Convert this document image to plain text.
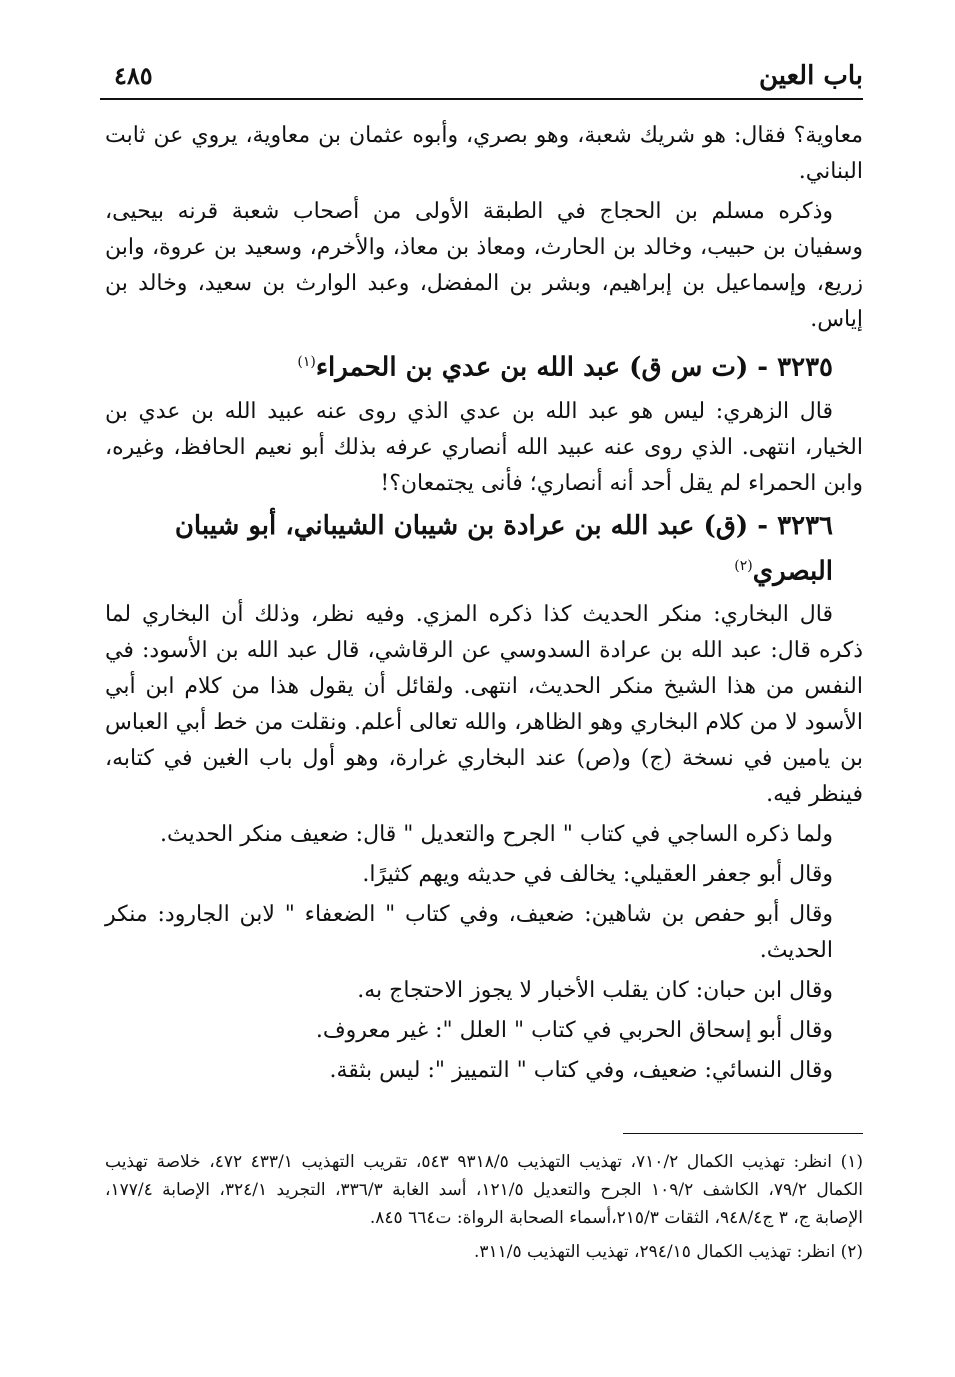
باب العين
٤٨٥

معاوية؟ فقال: هو شريك شعبة، وهو بصري، وأبوه عثمان بن معاوية، يروي عن ثابت البناني.

وذكره مسلم بن الحجاج في الطبقة الأولى من أصحاب شعبة قرنه بيحيى، وسفيان بن حبيب، وخالد بن الحارث، ومعاذ بن معاذ، والأخرم، وسعيد بن عروة، وابن زريع، وإسماعيل بن إبراهيم، وبشر بن المفضل، وعبد الوارث بن سعيد، وخالد بن إياس.

٣٢٣٥ - (ت س ق) عبد الله بن عدي بن الحمراء$^{(١)}$

قال الزهري: ليس هو عبد الله بن عدي الذي روى عنه عبيد الله بن عدي بن الخيار، انتهى. الذي روى عنه عبيد الله أنصاري عرفه بذلك أبو نعيم الحافظ، وغيره، وابن الحمراء لم يقل أحد أنه أنصاري؛ فأنى يجتمعان؟!

٣٢٣٦ - (ق) عبد الله بن عرادة بن شيبان الشيباني، أبو شيبان البصري$^{(٢)}$

قال البخاري: منكر الحديث كذا ذكره المزي. وفيه نظر، وذلك أن البخاري لما ذكره قال: عبد الله بن عرادة السدوسي عن الرقاشي، قال عبد الله بن الأسود: في النفس من هذا الشيخ منكر الحديث، انتهى. ولقائل أن يقول هذا من كلام ابن أبي الأسود لا من كلام البخاري وهو الظاهر، والله تعالى أعلم. ونقلت من خط أبي العباس بن يامين في نسخة (ج) و(ص) عند البخاري غرارة، وهو أول باب الغين في كتابه، فينظر فيه.

ولما ذكره الساجي في كتاب " الجرح والتعديل " قال: ضعيف منكر الحديث.

وقال أبو جعفر العقيلي: يخالف في حديثه ويهم كثيرًا.

وقال أبو حفص بن شاهين: ضعيف، وفي كتاب " الضعفاء " لابن الجارود: منكر الحديث.

وقال ابن حبان: كان يقلب الأخبار لا يجوز الاحتجاج به.

وقال أبو إسحاق الحربي في كتاب " العلل ": غير معروف.

وقال النسائي: ضعيف، وفي كتاب " التمييز ": ليس بثقة.

(١) انظر: تهذيب الكمال ٧١٠/٢، تهذيب التهذيب ٩٣١٨/٥ ٥٤٣، تقريب التهذيب ٤٣٣/١ ٤٧٢، خلاصة تهذيب الكمال ٧٩/٢، الكاشف ١٠٩/٢ الجرح والتعديل ١٢١/٥، أسد الغابة ٣٣٦/٣، التجريد ٣٢٤/١، الإصابة ١٧٧/٤، الإصابة ج، ٣ ج٩٤٨/٤، الثقات ٢١٥/٣،أسماء الصحابة الرواة: ت٦٦٤ ٨٤٥.

(٢) انظر: تهذيب الكمال ٢٩٤/١٥، تهذيب التهذيب ٣١١/٥.
